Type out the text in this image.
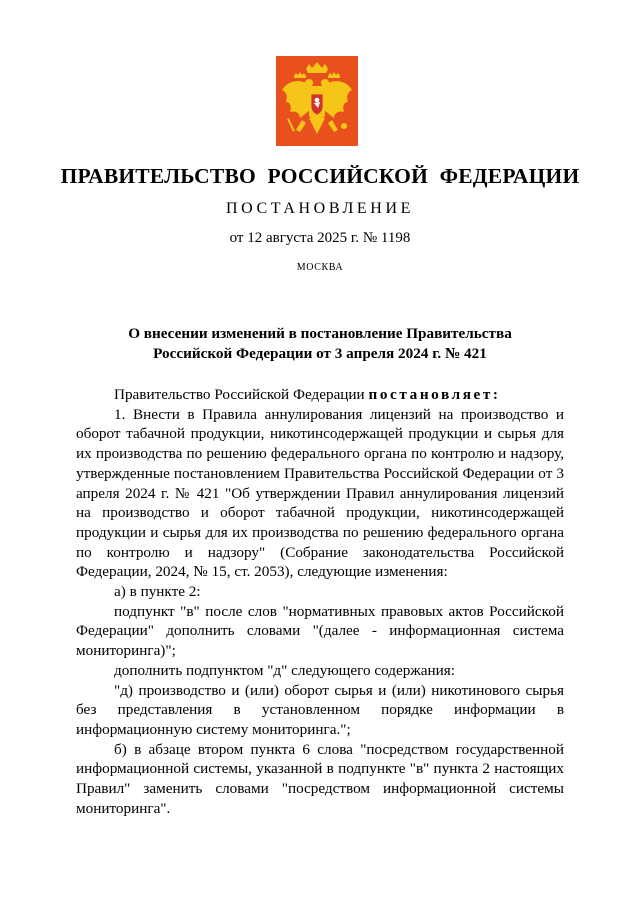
ПРАВИТЕЛЬСТВО РОССИЙСКОЙ ФЕДЕРАЦИИ
ПОСТАНОВЛЕНИЕ
от 12 августа 2025 г. № 1198
МОСКВА
О внесении изменений в постановление Правительства
Российской Федерации от 3 апреля 2024 г. № 421

Правительство Российской Федерации постановляет:

1. Внести в Правила аннулирования лицензий на производство и оборот табачной продукции, никотинсодержащей продукции и сырья для их производства по решению федерального органа по контролю и надзору, утвержденные постановлением Правительства Российской Федерации от 3 апреля 2024 г. № 421 "Об утверждении Правил аннулирования лицензий на производство и оборот табачной продукции, никотинсодержащей продукции и сырья для их производства по решению федерального органа по контролю и надзору" (Собрание законодательства Российской Федерации, 2024, № 15, ст. 2053), следующие изменения:

а) в пункте 2:

подпункт "в" после слов "нормативных правовых актов Российской Федерации" дополнить словами "(далее - информационная система мониторинга)";

дополнить подпунктом "д" следующего содержания:

"д) производство и (или) оборот сырья и (или) никотинового сырья без представления в установленном порядке информации в информационную систему мониторинга.";

б) в абзаце втором пункта 6 слова "посредством государственной информационной системы, указанной в подпункте "в" пункта 2 настоящих Правил" заменить словами "посредством информационной системы мониторинга".
